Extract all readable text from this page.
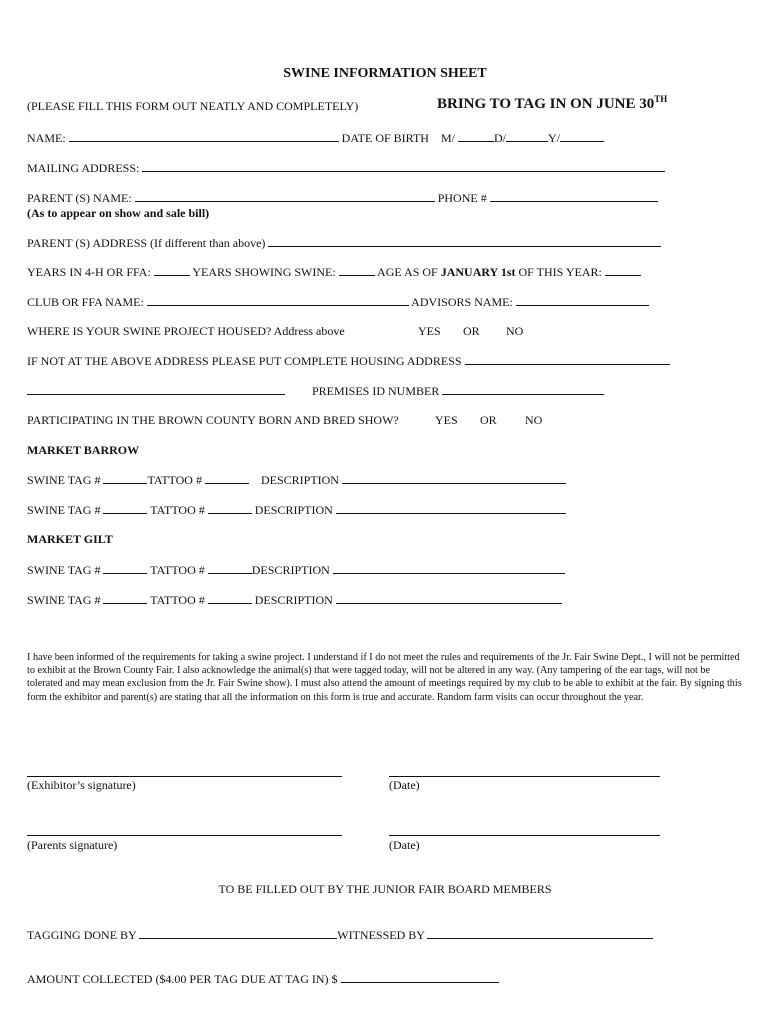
SWINE INFORMATION SHEET
(PLEASE FILL THIS FORM OUT NEATLY AND COMPLETELY)	BRING TO TAG IN ON JUNE 30TH
NAME:	DATE OF BIRTH M/	D/	Y/
MAILING ADDRESS:
PARENT (S) NAME:	PHONE #
(As to appear on show and sale bill)
PARENT (S) ADDRESS (If different than above)
YEARS IN 4-H OR FFA:	YEARS SHOWING SWINE:	AGE AS OF JANUARY 1st OF THIS YEAR:
CLUB OR FFA NAME:	ADVISORS NAME:
WHERE IS YOUR SWINE PROJECT HOUSED? Address above	YES OR NO
IF NOT AT THE ABOVE ADDRESS PLEASE PUT COMPLETE HOUSING ADDRESS
PREMISES ID NUMBER
PARTICIPATING IN THE BROWN COUNTY BORN AND BRED SHOW?	YES OR NO
MARKET BARROW
SWINE TAG #	TATTOO #	DESCRIPTION
SWINE TAG #	TATTOO #	DESCRIPTION
MARKET GILT
SWINE TAG #	TATTOO #	DESCRIPTION
SWINE TAG #	TATTOO #	DESCRIPTION
I have been informed of the requirements for taking a swine project. I understand if I do not meet the rules and requirements of the Jr. Fair Swine Dept., I will not be permitted to exhibit at the Brown County Fair. I also acknowledge the animal(s) that were tagged today, will not be altered in any way. (Any tampering of the ear tags, will not be tolerated and may mean exclusion from the Jr. Fair Swine show). I must also attend the amount of meetings required by my club to be able to exhibit at the fair. By signing this form the exhibitor and parent(s) are stating that all the information on this form is true and accurate. Random farm visits can occur throughout the year.
(Exhibitor’s signature)	(Date)
(Parents signature)	(Date)
TO BE FILLED OUT BY THE JUNIOR FAIR BOARD MEMBERS
TAGGING DONE BY	WITNESSED BY
AMOUNT COLLECTED ($4.00 PER TAG DUE AT TAG IN) $
